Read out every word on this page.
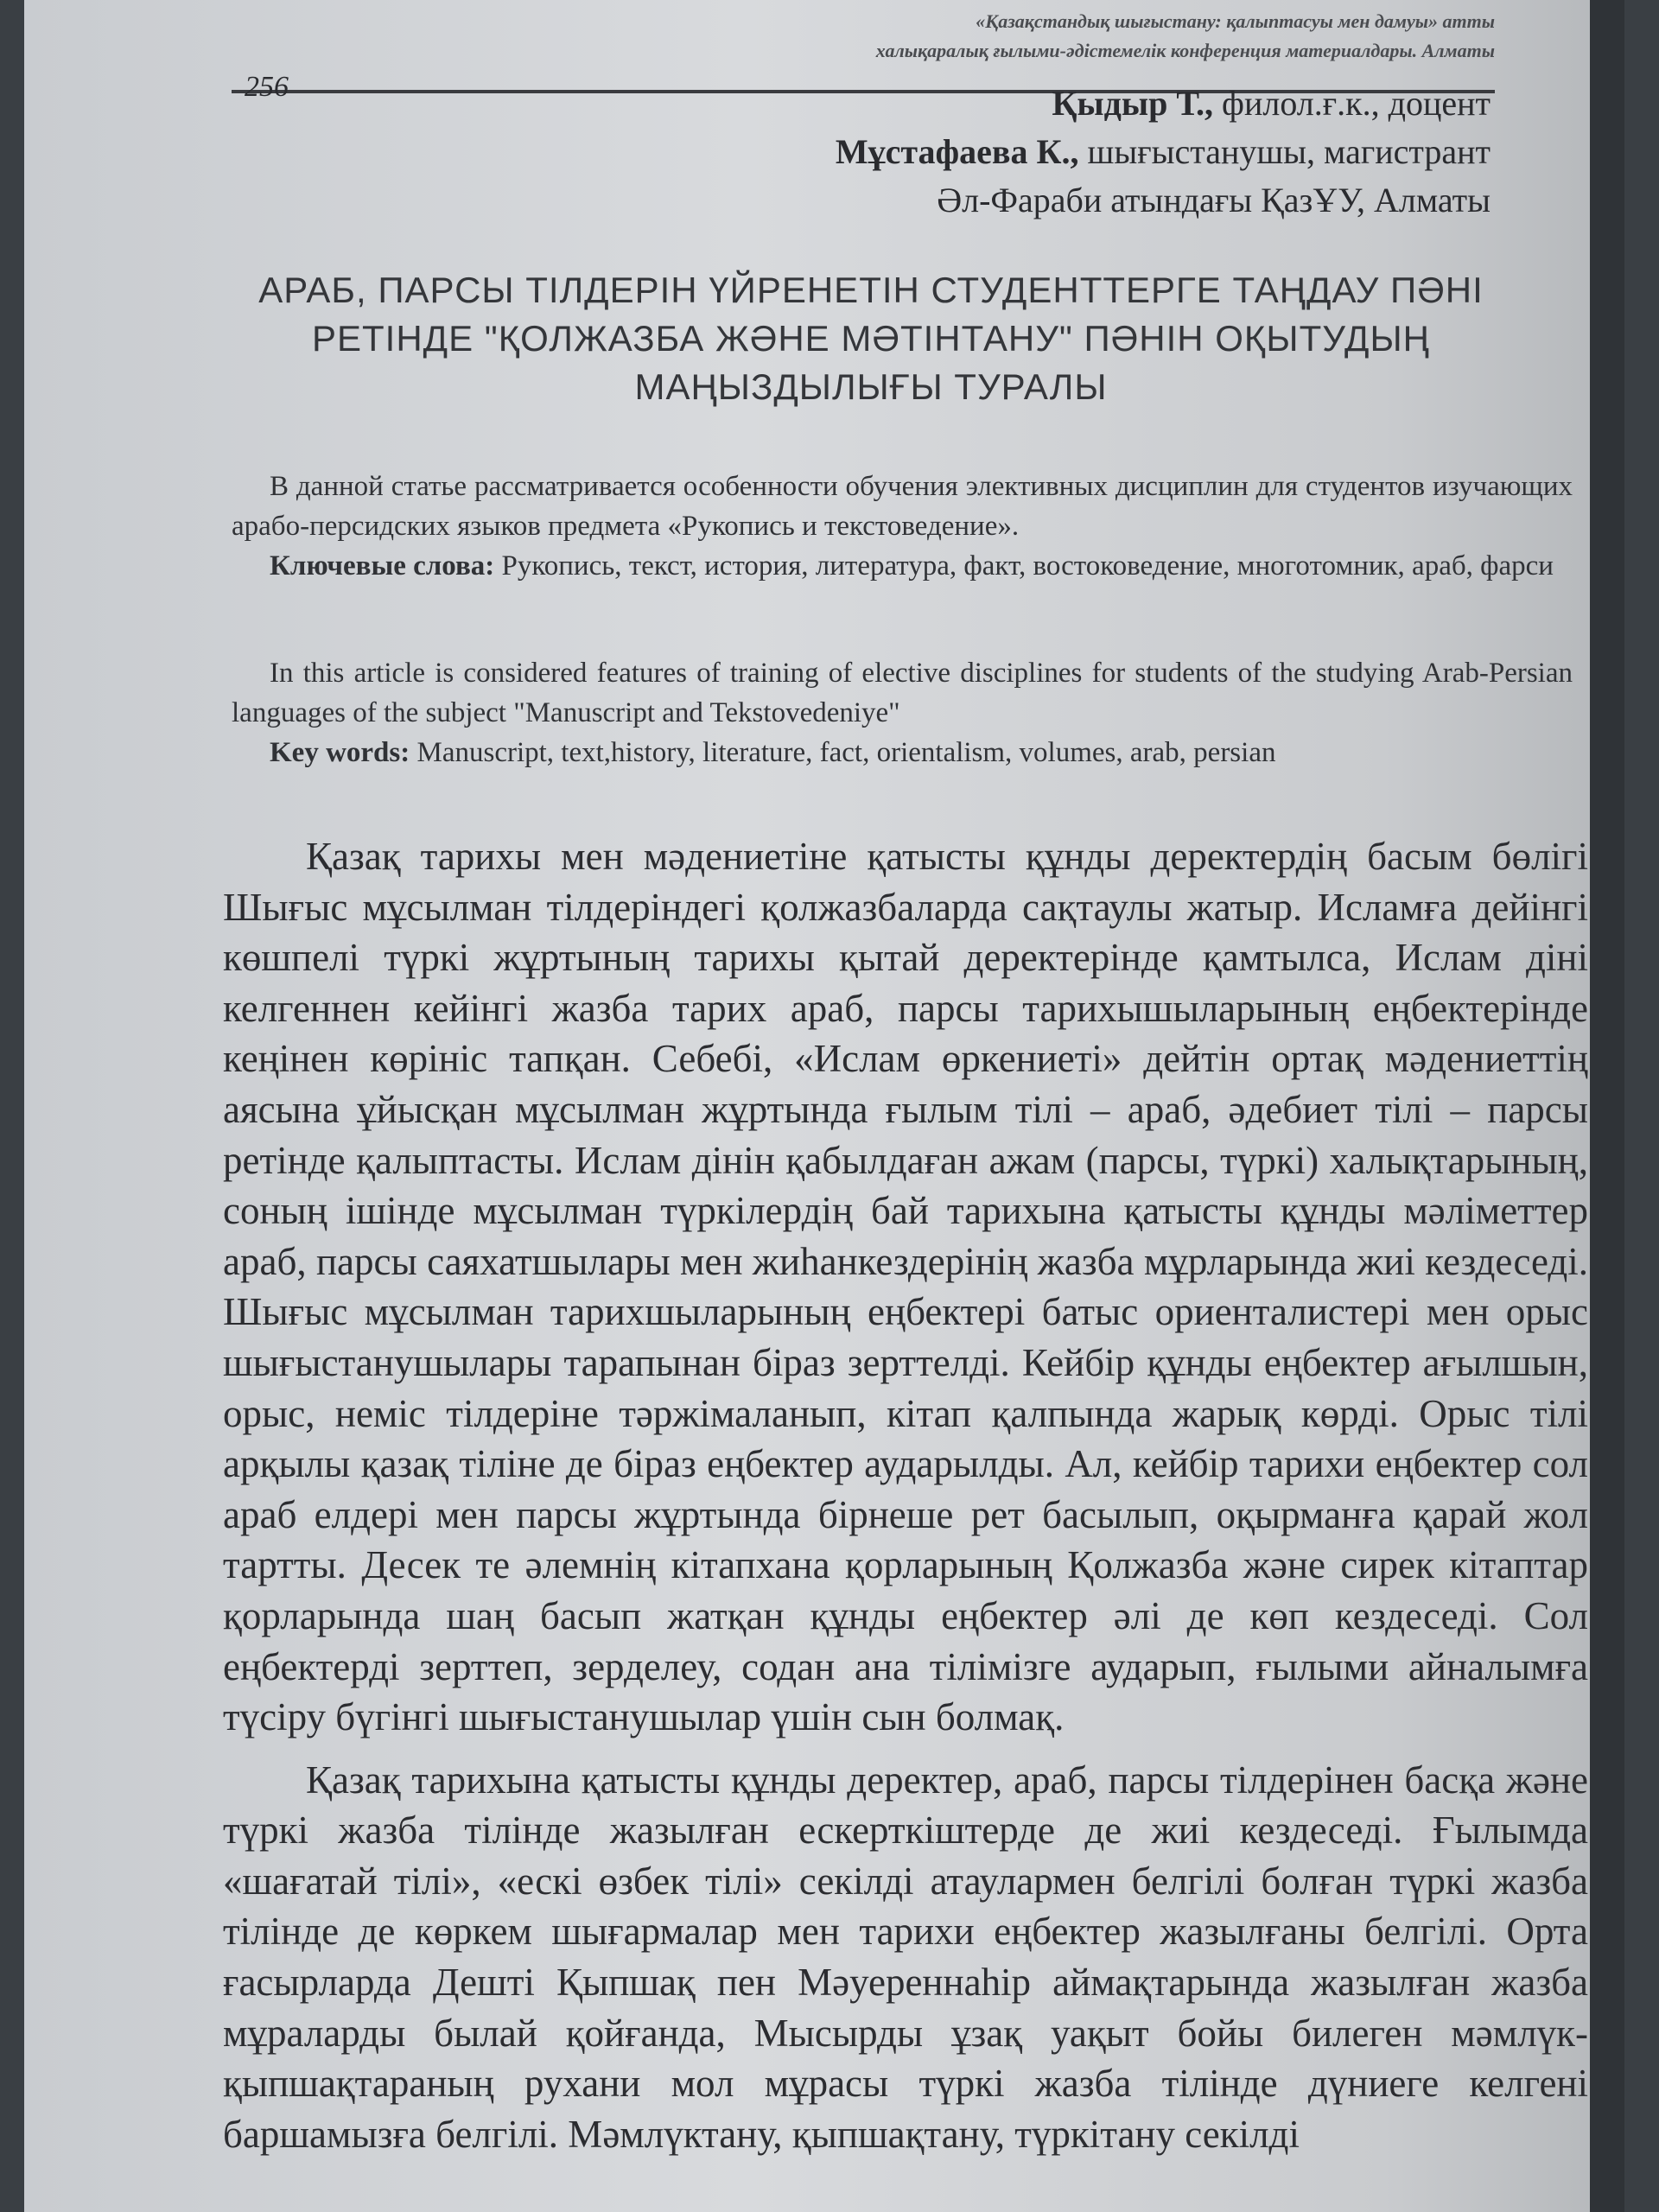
«Қазақстандық шығыстану: қалыптасуы мен дамуы» атты
халықаралық ғылыми-әдістемелік конференция материалдары. Алматы
256	Қыдыр Т., филол.ғ.к., доцент
Мұстафаева К., шығыстанушы, магистрант
Әл-Фараби атындағы ҚазҰУ, Алматы
АРАБ, ПАРСЫ ТІЛДЕРІН ҮЙРЕНЕТІН СТУДЕНТТЕРГЕ ТАҢДАУ ПӘНІ
РЕТІНДЕ "ҚОЛЖАЗБА ЖӘНЕ МӘТІНТАНУ" ПӘНІН ОҚЫТУДЫҢ
МАҢЫЗДЫЛЫҒЫ ТУРАЛЫ

В данной статье рассматривается особенности обучения элективных дисциплин для студентов изучающих арабо-персидских языков предмета «Рукопись и текстоведение».

Ключевые слова: Рукопись, текст, история, литература, факт, востоковедение, многотомник, араб, фарси

In this article is considered features of training of elective disciplines for students of the studying Arab-Persian languages of the subject "Manuscript and Tekstovedeniye"

Key words: Manuscript, text,history, literature, fact, orientalism, volumes, arab, persian

Қазақ тарихы мен мәдениетіне қатысты құнды деректердің басым бөлігі Шығыс мұсылман тілдеріндегі қолжазбаларда сақтаулы жатыр. Исламға дейінгі көшпелі түркі жұртының тарихы қытай деректерінде қамтылса, Ислам діні келгеннен кейінгі жазба тарих араб, парсы тарихышыларының еңбектерінде кеңінен көрініс тапқан. Себебі, «Ислам өркениеті» дейтін ортақ мәдениеттің аясына ұйысқан мұсылман жұртында ғылым тілі – араб, әдебиет тілі – парсы ретінде қалыптасты. Ислам дінін қабылдаған ажам (парсы, түркі) халықтарының, соның ішінде мұсылман түркілердің бай тарихына қатысты құнды мәліметтер араб, парсы саяхатшылары мен жиһанкездерінің жазба мұрларында жиі кездеседі. Шығыс мұсылман тарихшыларының еңбектері батыс ориенталистері мен орыс шығыстанушылары тарапынан біраз зерттелді. Кейбір құнды еңбектер ағылшын, орыс, неміс тілдеріне тәржімаланып, кітап қалпында жарық көрді. Орыс тілі арқылы қазақ тіліне де біраз еңбектер аударылды. Ал, кейбір тарихи еңбектер сол араб елдері мен парсы жұртында бірнеше рет басылып, оқырманға қарай жол тартты. Десек те әлемнің кітапхана қорларының Қолжазба және сирек кітаптар қорларында шаң басып жатқан құнды еңбектер әлі де көп кездеседі. Сол еңбектерді зерттеп, зерделеу, содан ана тілімізге аударып, ғылыми айналымға түсіру бүгінгі шығыстанушылар үшін сын болмақ.

Қазақ тарихына қатысты құнды деректер, араб, парсы тілдерінен басқа және түркі жазба тілінде жазылған ескерткіштерде де жиі кездеседі. Ғылымда «шағатай тілі», «ескі өзбек тілі» секілді атаулармен белгілі болған түркі жазба тілінде де көркем шығармалар мен тарихи еңбектер жазылғаны белгілі. Орта ғасырларда Дешті Қыпшақ пен Мәуереннаһір аймақтарында жазылған жазба мұраларды былай қойғанда, Мысырды ұзақ уақыт бойы билеген мәмлүк-қыпшақтараның рухани мол мұрасы түркі жазба тілінде дүниеге келгені баршамызға белгілі. Мәмлүктану, қыпшақтану, түркітану секілді
